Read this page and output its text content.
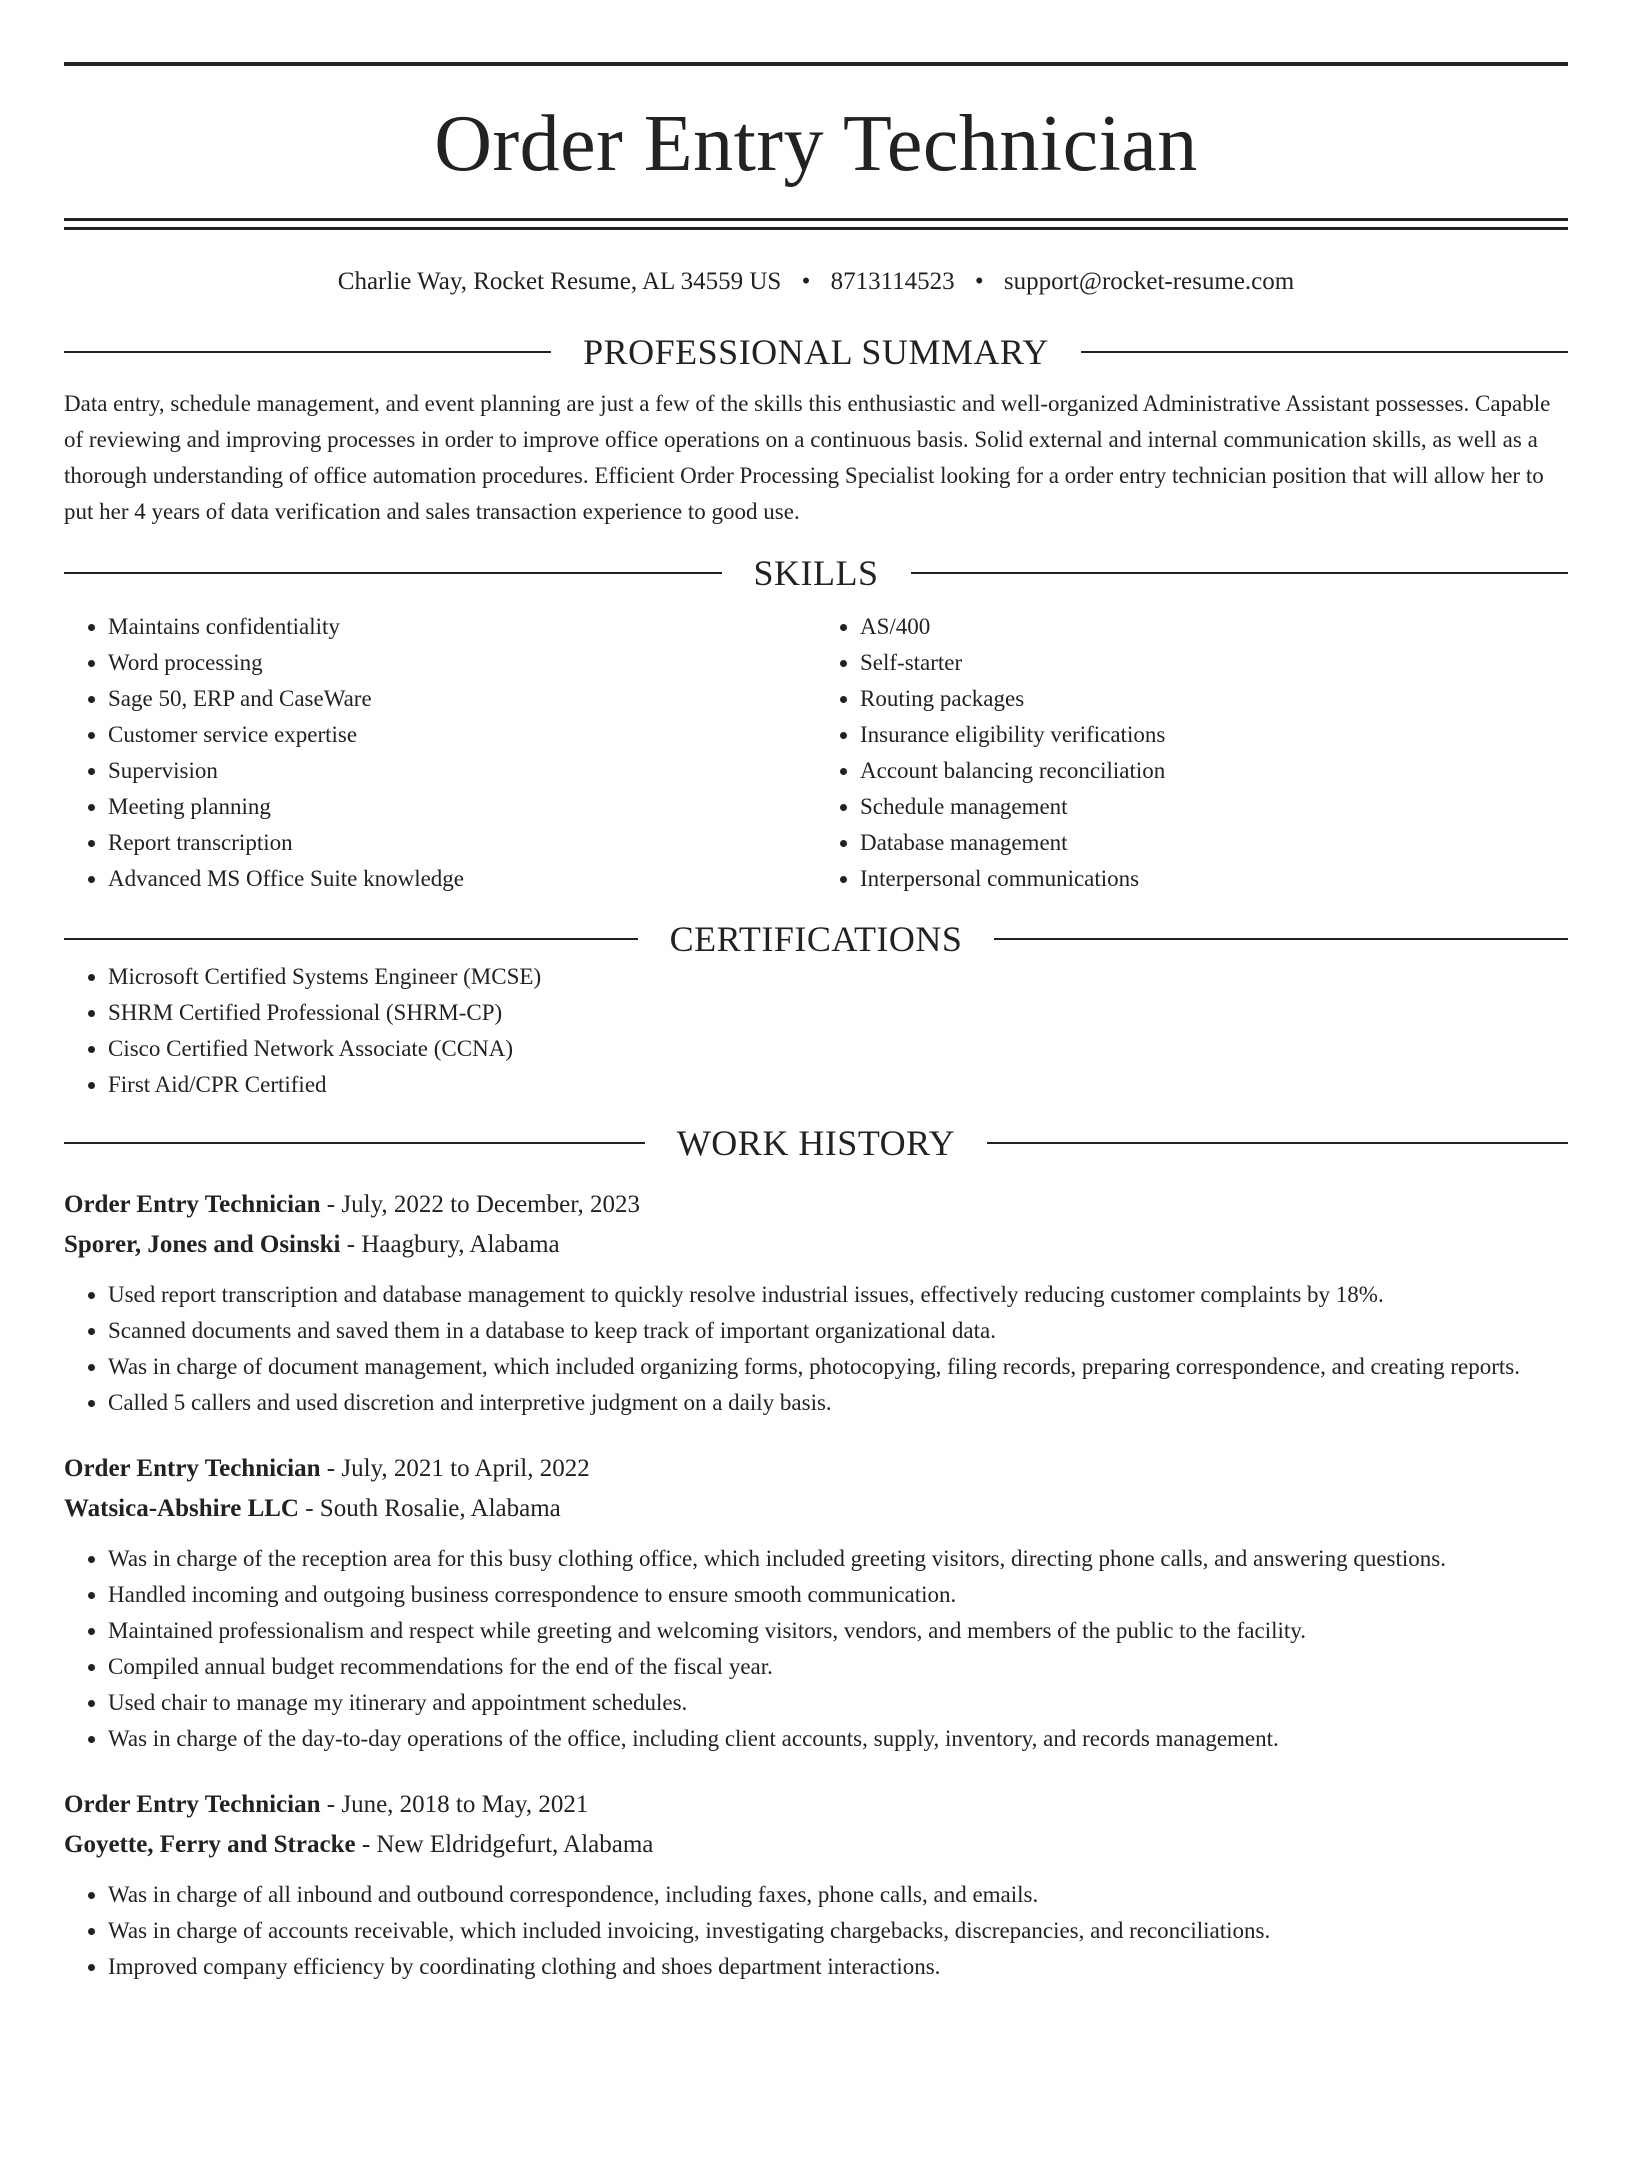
Order Entry Technician
Charlie Way, Rocket Resume, AL 34559 US • 8713114523 • support@rocket-resume.com
PROFESSIONAL SUMMARY

Data entry, schedule management, and event planning are just a few of the skills this enthusiastic and well-organized Administrative Assistant possesses. Capable of reviewing and improving processes in order to improve office operations on a continuous basis. Solid external and internal communication skills, as well as a thorough understanding of office automation procedures. Efficient Order Processing Specialist looking for a order entry technician position that will allow her to put her 4 years of data verification and sales transaction experience to good use.

SKILLS
• Maintains confidentiality
• Word processing
• Sage 50, ERP and CaseWare
• Customer service expertise
• Supervision
• Meeting planning
• Report transcription
• Advanced MS Office Suite knowledge
• AS/400
• Self-starter
• Routing packages
• Insurance eligibility verifications
• Account balancing reconciliation
• Schedule management
• Database management
• Interpersonal communications
CERTIFICATIONS
• Microsoft Certified Systems Engineer (MCSE)
• SHRM Certified Professional (SHRM-CP)
• Cisco Certified Network Associate (CCNA)
• First Aid/CPR Certified
WORK HISTORY
Order Entry Technician - July, 2022 to December, 2023
Sporer, Jones and Osinski - Haagbury, Alabama
• Used report transcription and database management to quickly resolve industrial issues, effectively reducing customer complaints by 18%.
• Scanned documents and saved them in a database to keep track of important organizational data.
• Was in charge of document management, which included organizing forms, photocopying, filing records, preparing correspondence, and creating reports.
• Called 5 callers and used discretion and interpretive judgment on a daily basis.
Order Entry Technician - July, 2021 to April, 2022
Watsica-Abshire LLC - South Rosalie, Alabama
• Was in charge of the reception area for this busy clothing office, which included greeting visitors, directing phone calls, and answering questions.
• Handled incoming and outgoing business correspondence to ensure smooth communication.
• Maintained professionalism and respect while greeting and welcoming visitors, vendors, and members of the public to the facility.
• Compiled annual budget recommendations for the end of the fiscal year.
• Used chair to manage my itinerary and appointment schedules.
• Was in charge of the day-to-day operations of the office, including client accounts, supply, inventory, and records management.
Order Entry Technician - June, 2018 to May, 2021
Goyette, Ferry and Stracke - New Eldridgefurt, Alabama
• Was in charge of all inbound and outbound correspondence, including faxes, phone calls, and emails.
• Was in charge of accounts receivable, which included invoicing, investigating chargebacks, discrepancies, and reconciliations.
• Improved company efficiency by coordinating clothing and shoes department interactions.
